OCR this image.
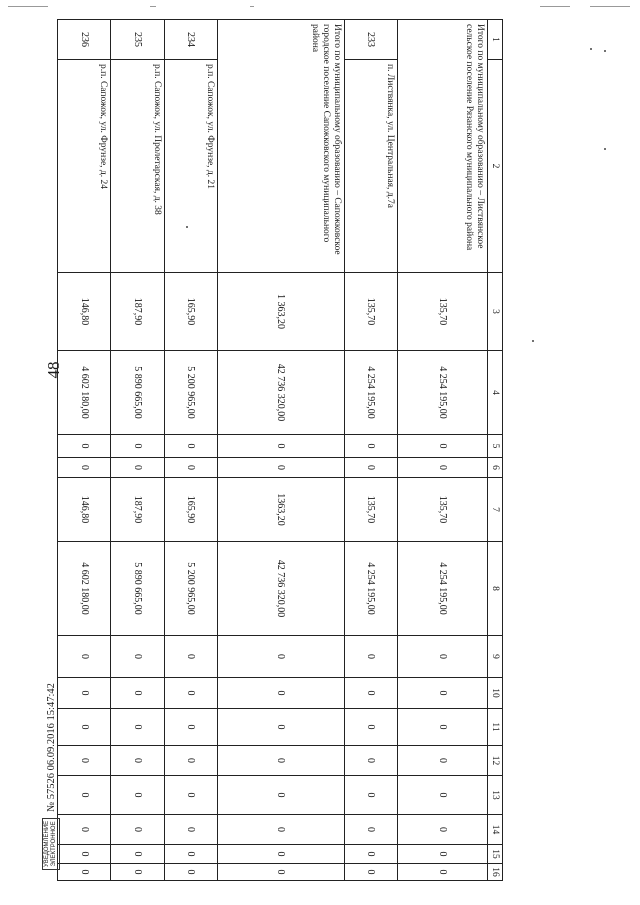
48
1	2	3	4	5	6	7	8	9	10	11	12	13	14	15	16
Итого по муниципальному образованию – Листвянское сельское поселение Рязанского муниципального района		135,70	4 254 195,00	0	0	135,70	4 254 195,00	0	0	0	0	0	0	0	0
233	п. Листвянка, ул. Центральная, д.7а	135,70	4 254 195,00	0	0	135,70	4 254 195,00	0	0	0	0	0	0	0	0
Итого по муниципальному образованию – Сапожковское городское поселение Сапожковского муниципального района		1 363,20	42 736 320,00	0	0	1363,20	42 736 320,00	0	0	0	0	0	0	0	0
234	р.п. Сапожок, ул. Фрунзе, д. 21	165,90	5 200 965,00	0	0	165,90	5 200 965,00	0	0	0	0	0	0	0	0
235	р.п. Сапожок, ул. Пролетарская, д. 38	187,90	5 890 665,00	0	0	187,90	5 890 665,00	0	0	0	0	0	0	0	0
236	р.п. Сапожок, ул. Фрунзе, д. 24	146,80	4 602 180,00	0	0	146,80	4 602 180,00	0	0	0	0	0	0	0	0
УВЕДОМЛЕНИЕ
ЭЛЕКТРОННОЕ
№ 57526 06.09.2016 15:47:42
